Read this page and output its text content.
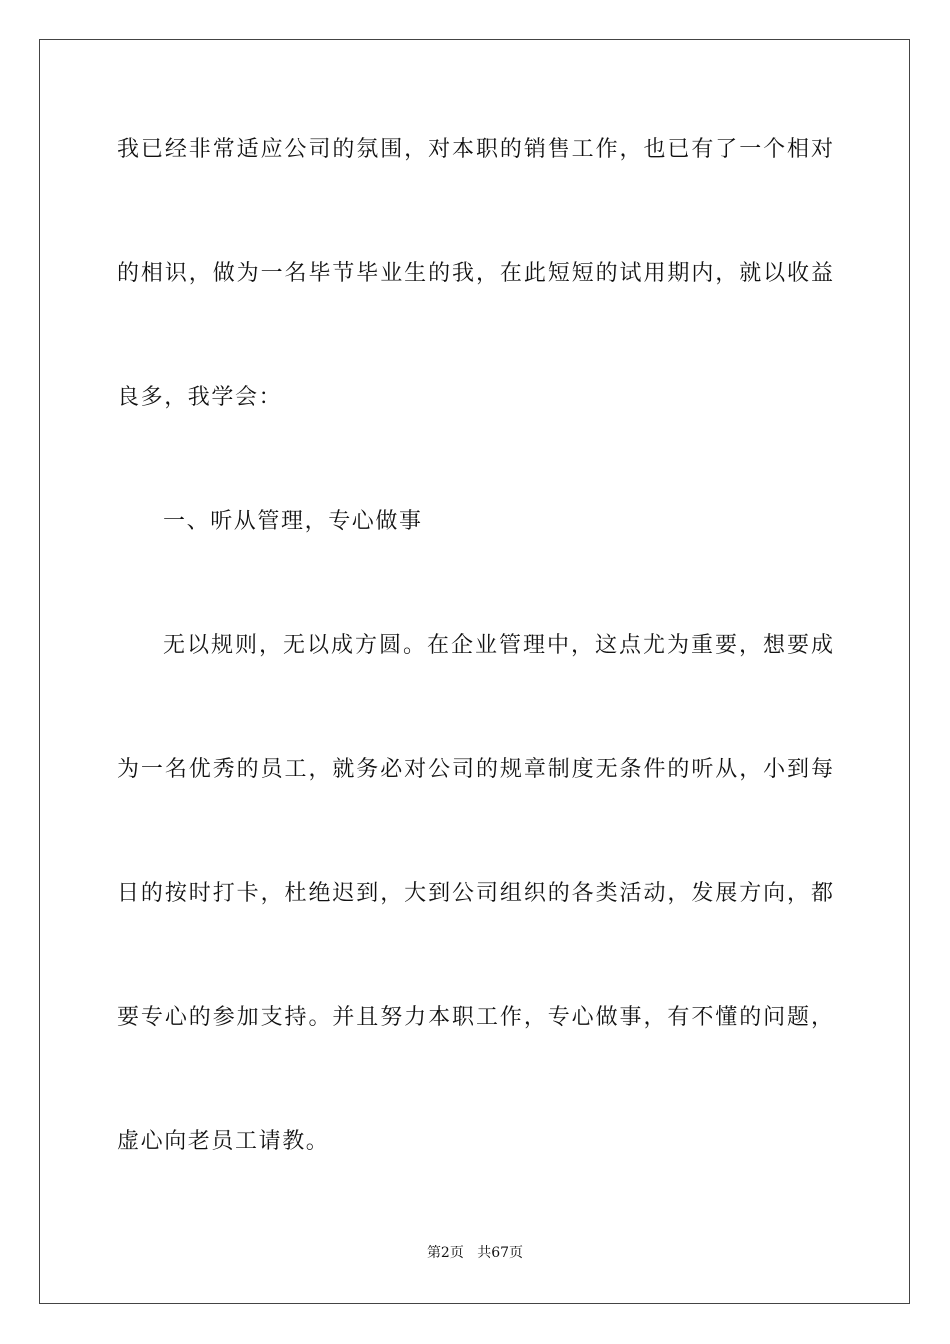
我已经非常适应公司的氛围，对本职的销售工作，也已有了一个相对
的相识，做为一名毕节毕业生的我，在此短短的试用期内，就以收益
良多，我学会：
一、听从管理，专心做事
无以规则，无以成方圆。在企业管理中，这点尤为重要，想要成
为一名优秀的员工，就务必对公司的规章制度无条件的听从，小到每
日的按时打卡，杜绝迟到，大到公司组织的各类活动，发展方向，都
要专心的参加支持。并且努力本职工作，专心做事，有不懂的问题，
虚心向老员工请教。
第2页 共67页
